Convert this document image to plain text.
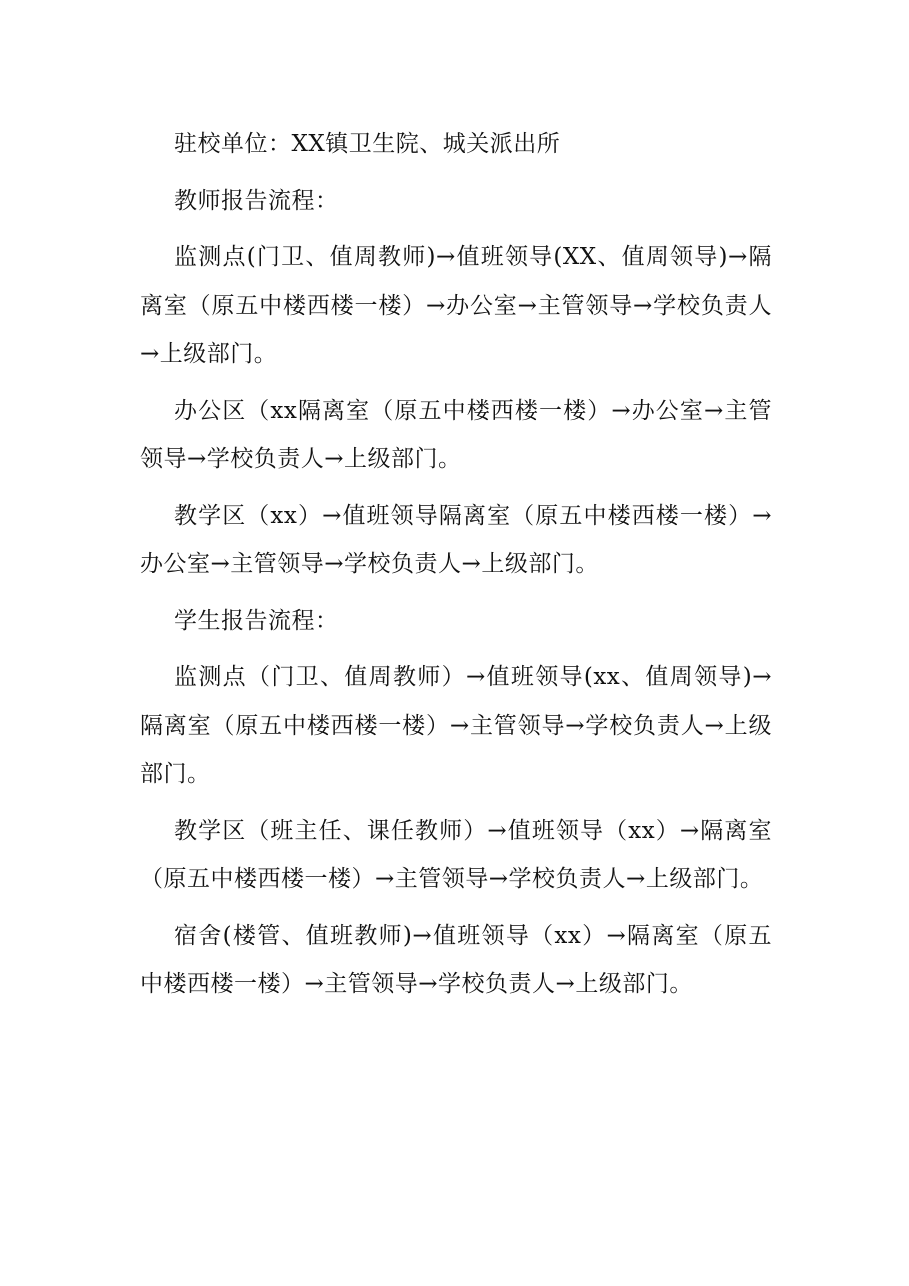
驻校单位：XX镇卫生院、城关派出所

教师报告流程：

监测点(门卫、值周教师)→值班领导(XX、值周领导)→隔离室（原五中楼西楼一楼）→办公室→主管领导→学校负责人→上级部门。

办公区（xx隔离室（原五中楼西楼一楼）→办公室→主管领导→学校负责人→上级部门。

教学区（xx）→值班领导隔离室（原五中楼西楼一楼）→办公室→主管领导→学校负责人→上级部门。

学生报告流程：

监测点（门卫、值周教师）→值班领导(xx、值周领导)→隔离室（原五中楼西楼一楼）→主管领导→学校负责人→上级部门。

教学区（班主任、课任教师）→值班领导（xx）→隔离室（原五中楼西楼一楼）→主管领导→学校负责人→上级部门。

宿舍(楼管、值班教师)→值班领导（xx）→隔离室（原五中楼西楼一楼）→主管领导→学校负责人→上级部门。
